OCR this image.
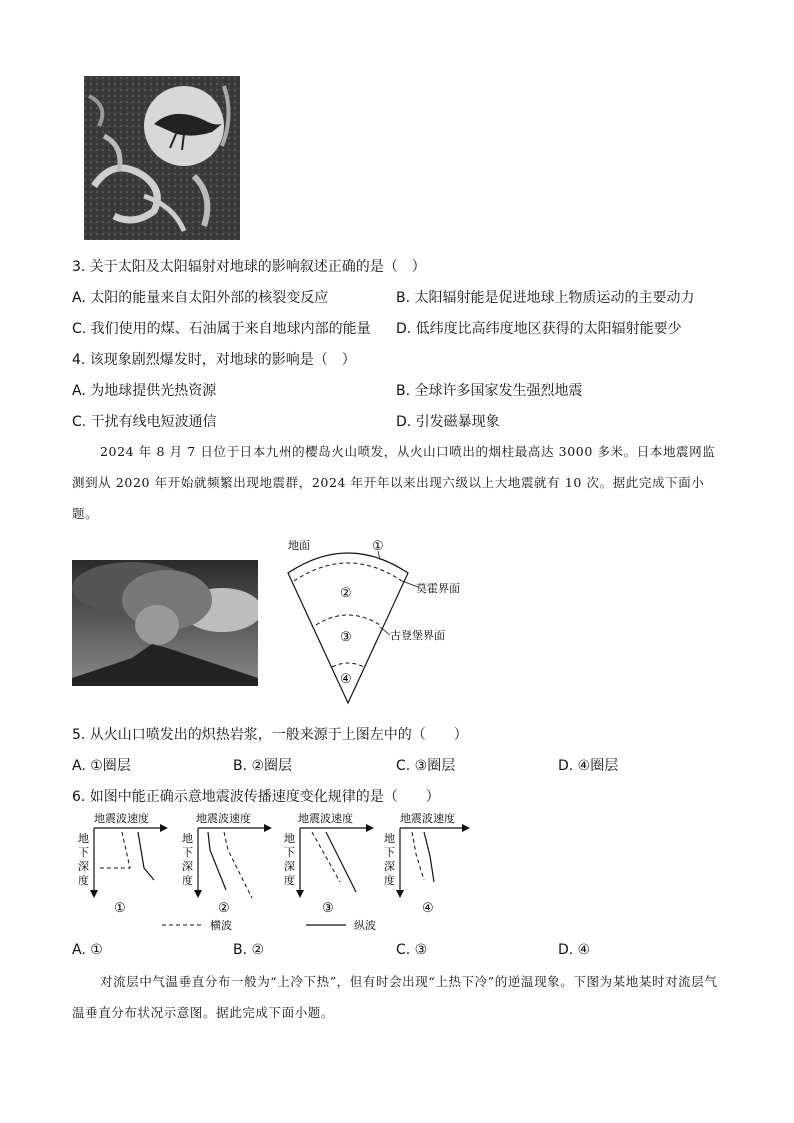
3. 关于太阳及太阳辐射对地球的影响叙述正确的是（　）
A. 太阳的能量来自太阳外部的核裂变反应	B. 太阳辐射能是促进地球上物质运动的主要动力
C. 我们使用的煤、石油属于来自地球内部的能量 D. 低纬度比高纬度地区获得的太阳辐射能要少
4. 该现象剧烈爆发时，对地球的影响是（　）
A. 为地球提供光热资源	B. 全球许多国家发生强烈地震
C. 干扰有线电短波通信	D. 引发磁暴现象
2024 年 8 月 7 日位于日本九州的樱岛火山喷发，从火山口喷出的烟柱最高达 3000 多米。日本地震网监测到从 2020 年开始就频繁出现地震群，2024 年开年以来出现六级以上大地震就有 10 次。据此完成下面小题。
地面	①
②
③
④
莫霍界面
古登堡界面
5. 从火山口喷发出的炽热岩浆，一般来源于上图左中的（　　）
A. ①圈层	B. ②圈层	C. ③圈层	D. ④圈层
6. 如图中能正确示意地震波传播速度变化规律的是（　　）
地震波速度
地
下
深
度
①
地震波速度
地
下
深
度
②
地震波速度
地
下
深
度
③
地震波速度
地
下
深
度
④
横波	纵波
A. ①	B. ②	C. ③	D. ④
对流层中气温垂直分布一般为“上冷下热”，但有时会出现“上热下冷”的逆温现象。下图为某地某时对流层气温垂直分布状况示意图。据此完成下面小题。
